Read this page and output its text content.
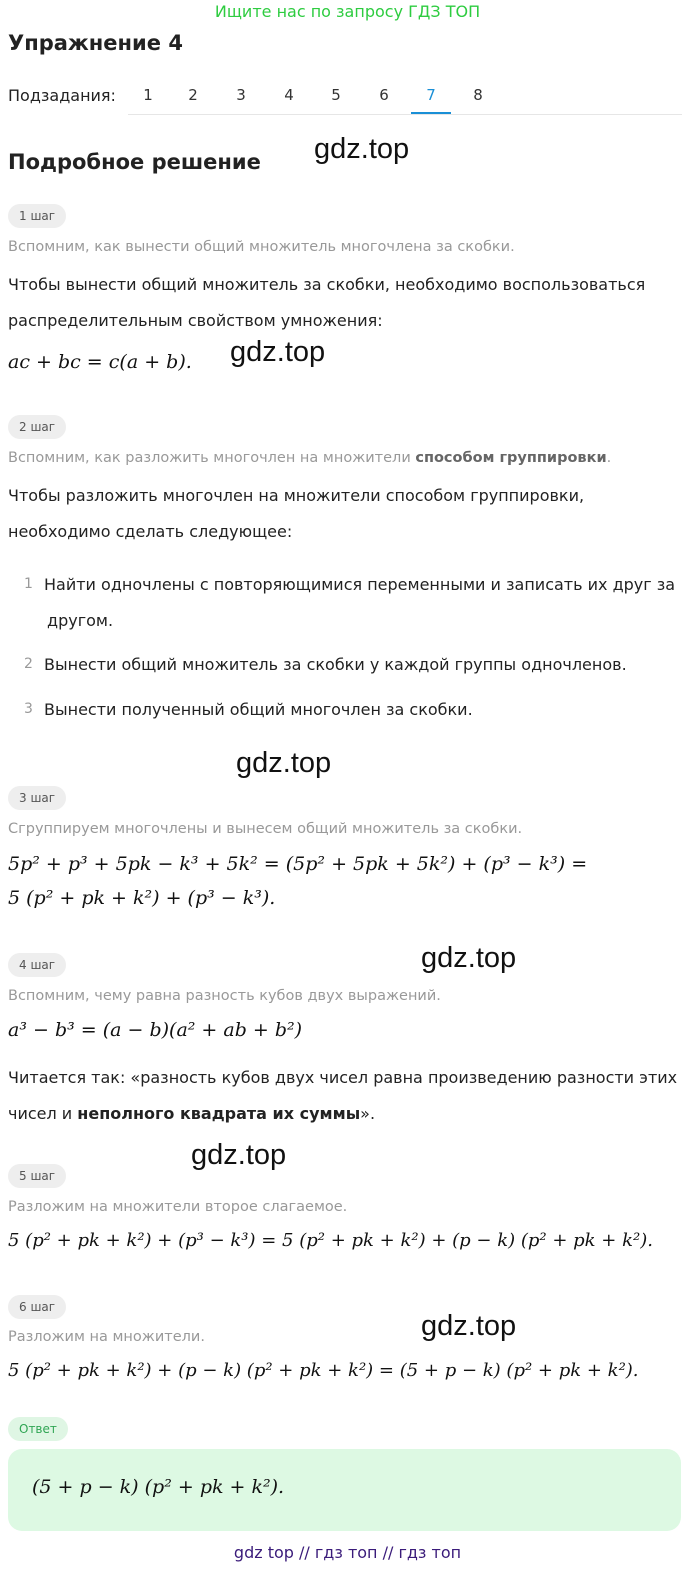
Ищите нас по запросу ГДЗ ТОП
Упражнение 4
Подзадания:	1	2	3	4	5	6	7	8
Подробное решение gdz.top
gdz.top
gdz.top
gdz.top
gdz.top
gdz.top
1 шаг
Вспомним, как вынести общий множитель многочлена за скобки.
Чтобы вынести общий множитель за скобки, необходимо воспользоваться
распределительным свойством умножения:
ac + bc = c(a + b).
2 шаг
Вспомним, как разложить многочлен на множители способом группировки.
Чтобы разложить многочлен на множители способом группировки,
необходимо сделать следующее:
1 Найти одночлены с повторяющимися переменными и записать их друг за
другом.
2 Вынести общий множитель за скобки у каждой группы одночленов.
3 Вынести полученный общий многочлен за скобки.
3 шаг
Сгруппируем многочлены и вынесем общий множитель за скобки.
5p² + p³ + 5pk − k³ + 5k² = (5p² + 5pk + 5k²) + (p³ − k³) =
5 (p² + pk + k²) + (p³ − k³).
4 шаг
Вспомним, чему равна разность кубов двух выражений.
a³ − b³ = (a − b)(a² + ab + b²)
Читается так: «разность кубов двух чисел равна произведению разности этих
чисел и неполного квадрата их суммы».
5 шаг
Разложим на множители второе слагаемое.
5 (p² + pk + k²) + (p³ − k³) = 5 (p² + pk + k²) + (p − k) (p² + pk + k²).
6 шаг
Разложим на множители.
5 (p² + pk + k²) + (p − k) (p² + pk + k²) = (5 + p − k) (p² + pk + k²).
Ответ
(5 + p − k) (p² + pk + k²).
gdz top // гдз топ // гдз топ
